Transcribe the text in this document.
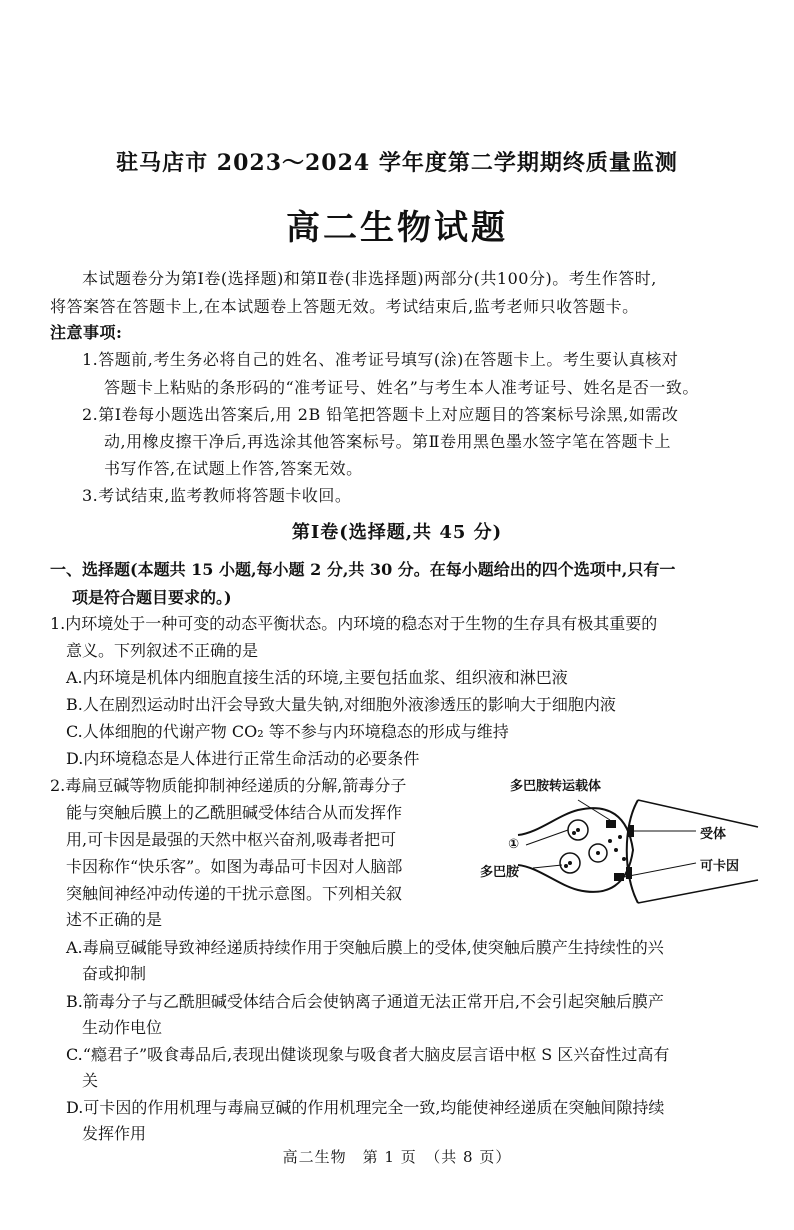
驻马店市 2023～2024 学年度第二学期期终质量监测
高二生物试题
本试题卷分为第Ⅰ卷(选择题)和第Ⅱ卷(非选择题)两部分(共100分)。考生作答时,
将答案答在答题卡上,在本试题卷上答题无效。考试结束后,监考老师只收答题卡。
注意事项:
1.答题前,考生务必将自己的姓名、准考证号填写(涂)在答题卡上。考生要认真核对
答题卡上粘贴的条形码的“准考证号、姓名”与考生本人准考证号、姓名是否一致。
2.第Ⅰ卷每小题选出答案后,用 2B 铅笔把答题卡上对应题目的答案标号涂黑,如需改
动,用橡皮擦干净后,再选涂其他答案标号。第Ⅱ卷用黑色墨水签字笔在答题卡上
书写作答,在试题上作答,答案无效。
3.考试结束,监考教师将答题卡收回。
第Ⅰ卷(选择题,共 45 分)
一、选择题(本题共 15 小题,每小题 2 分,共 30 分。在每小题给出的四个选项中,只有一
项是符合题目要求的。)
1.内环境处于一种可变的动态平衡状态。内环境的稳态对于生物的生存具有极其重要的
意义。下列叙述不正确的是
A.内环境是机体内细胞直接生活的环境,主要包括血浆、组织液和淋巴液
B.人在剧烈运动时出汗会导致大量失钠,对细胞外液渗透压的影响大于细胞内液
C.人体细胞的代谢产物 CO₂ 等不参与内环境稳态的形成与维持
D.内环境稳态是人体进行正常生命活动的必要条件
2.毒扁豆碱等物质能抑制神经递质的分解,箭毒分子
能与突触后膜上的乙酰胆碱受体结合从而发挥作
用,可卡因是最强的天然中枢兴奋剂,吸毒者把可
卡因称作“快乐客”。如图为毒品可卡因对人脑部
突触间神经冲动传递的干扰示意图。下列相关叙
述不正确的是
多巴胺转运载体
受体
①
多巴胺	可卡因
A.毒扁豆碱能导致神经递质持续作用于突触后膜上的受体,使突触后膜产生持续性的兴
奋或抑制
B.箭毒分子与乙酰胆碱受体结合后会使钠离子通道无法正常开启,不会引起突触后膜产
生动作电位
C.“瘾君子”吸食毒品后,表现出健谈现象与吸食者大脑皮层言语中枢 S 区兴奋性过高有
关
D.可卡因的作用机理与毒扁豆碱的作用机理完全一致,均能使神经递质在突触间隙持续
发挥作用
高二生物　第 1 页　（共 8 页）
